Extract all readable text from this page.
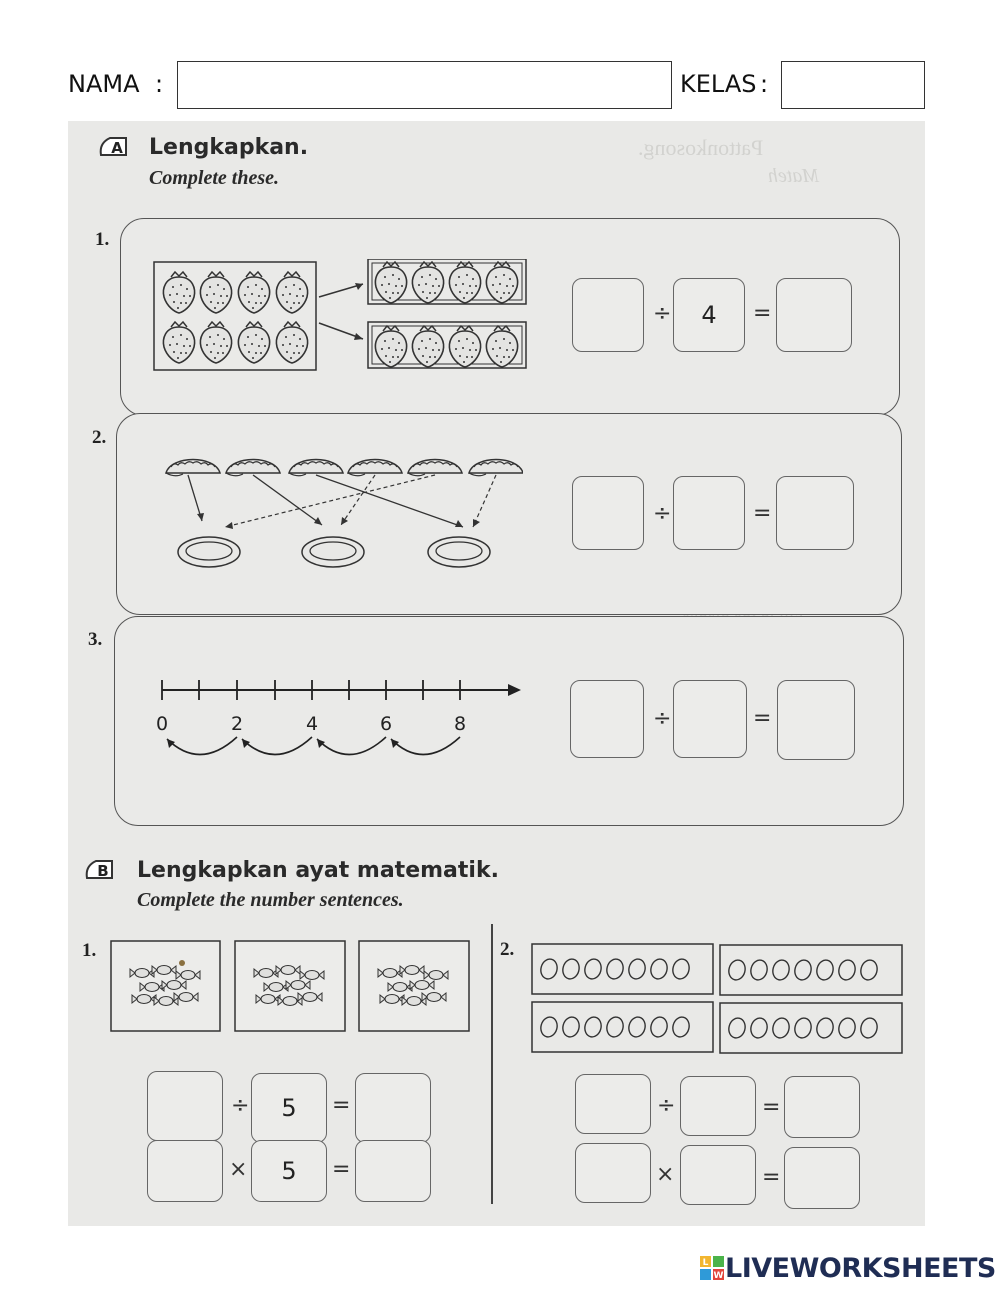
NAMA :	KELAS :
Pattonkosong.
Mateh
A Lengkapkan.
Complete these.
1.
÷	4	=
2.
÷	=
3.
0	2	4	6	8	÷	=
B Lengkapkan ayat matematik.
Complete the number sentences.
1.
÷	5	=
×	5	=
2.
÷	=
×	=
L
W LIVEWORKSHEETS
